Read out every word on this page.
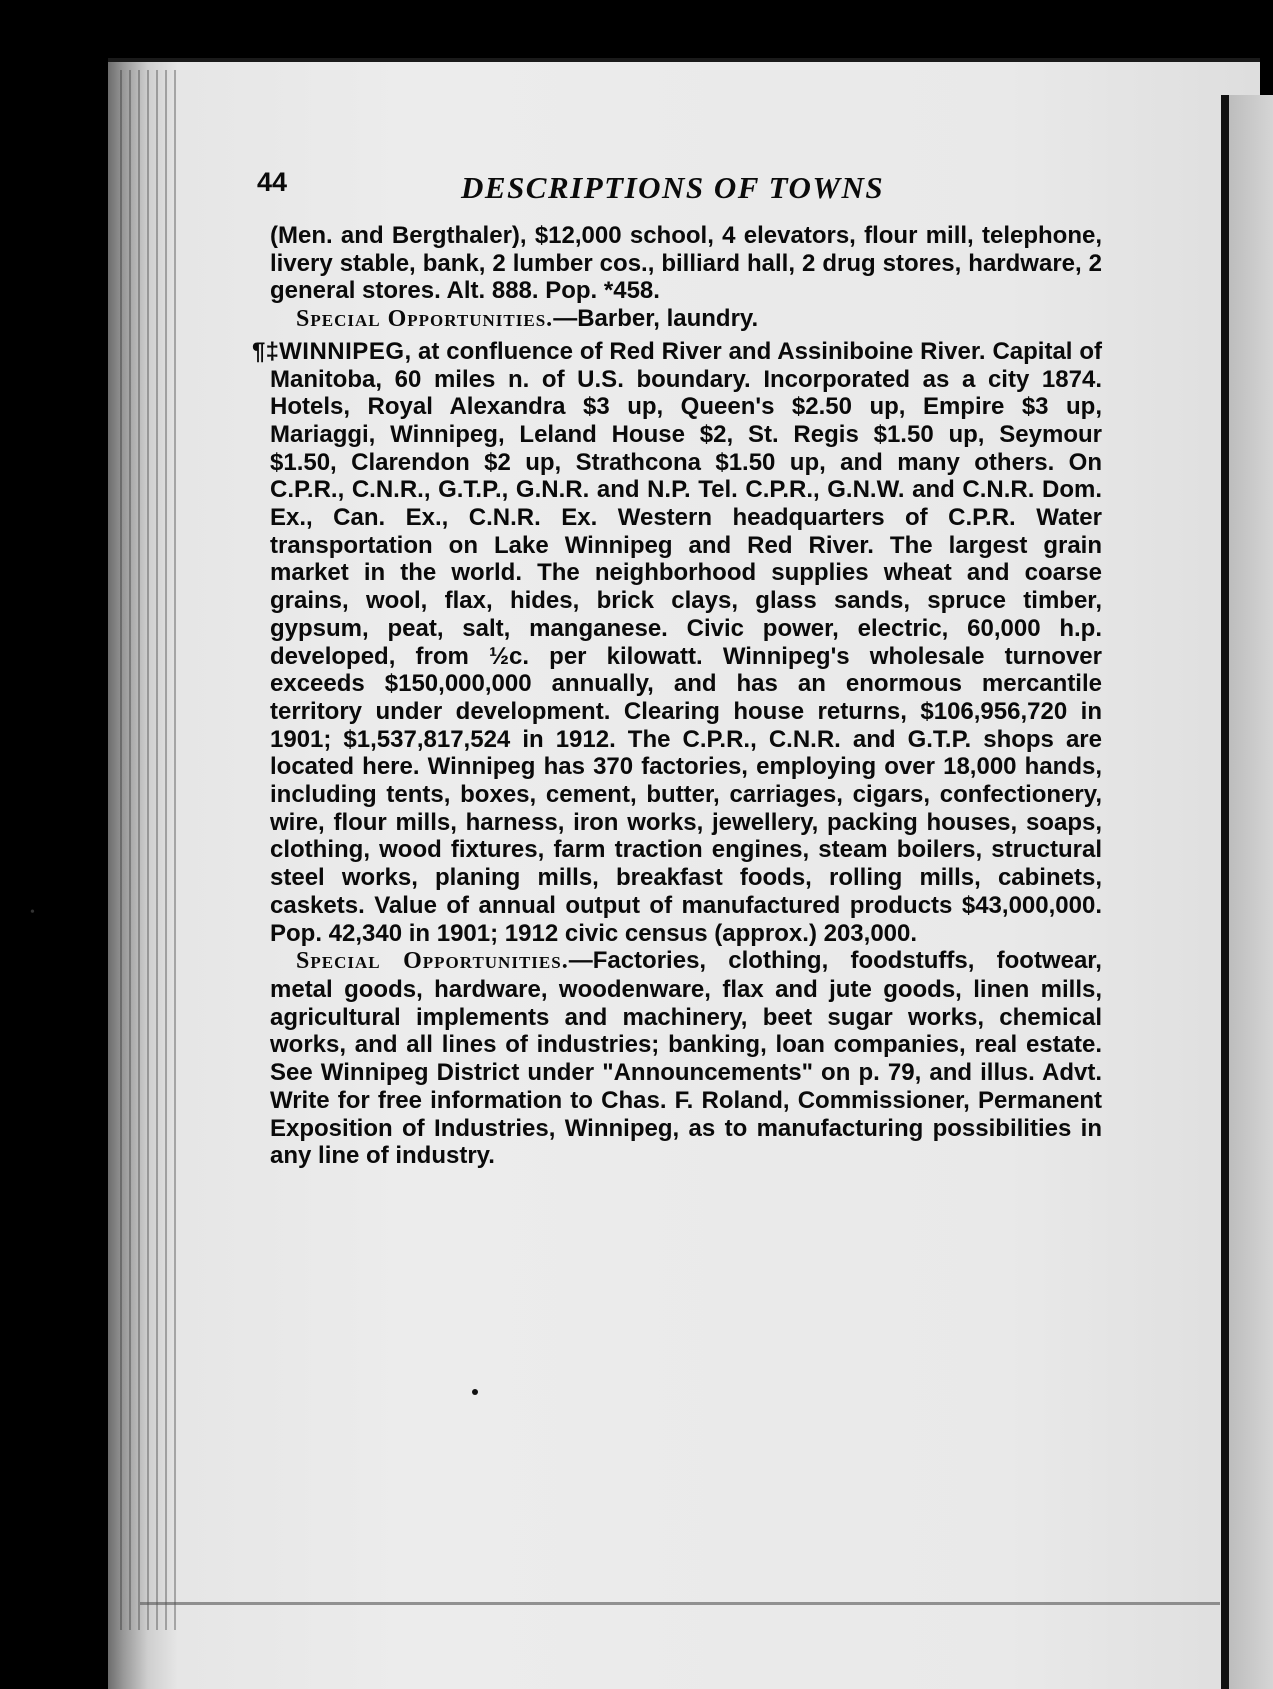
•
44	DESCRIPTIONS OF TOWNS

(Men. and Bergthaler), $12,000 school, 4 elevators, flour mill, telephone, livery stable, bank, 2 lumber cos., billiard hall, 2 drug stores, hardware, 2 general stores. Alt. 888. Pop. *458.

Special Opportunities.—Barber, laundry.

¶‡WINNIPEG, at confluence of Red River and Assiniboine River. Capital of Manitoba, 60 miles n. of U.S. boundary. Incorporated as a city 1874. Hotels, Royal Alexandra $3 up, Queen's $2.50 up, Empire $3 up, Mariaggi, Winnipeg, Leland House $2, St. Regis $1.50 up, Seymour $1.50, Clarendon $2 up, Strathcona $1.50 up, and many others. On C.P.R., C.N.R., G.T.P., G.N.R. and N.P. Tel. C.P.R., G.N.W. and C.N.R. Dom. Ex., Can. Ex., C.N.R. Ex. Western headquarters of C.P.R. Water transportation on Lake Winnipeg and Red River. The largest grain market in the world. The neighborhood supplies wheat and coarse grains, wool, flax, hides, brick clays, glass sands, spruce timber, gypsum, peat, salt, manganese. Civic power, electric, 60,000 h.p. developed, from ½c. per kilowatt. Winnipeg's wholesale turnover exceeds $150,000,000 annually, and has an enormous mercantile territory under development. Clearing house returns, $106,956,720 in 1901; $1,537,817,524 in 1912. The C.P.R., C.N.R. and G.T.P. shops are located here. Winnipeg has 370 factories, employing over 18,000 hands, including tents, boxes, cement, butter, carriages, cigars, confectionery, wire, flour mills, harness, iron works, jewellery, packing houses, soaps, clothing, wood fixtures, farm traction engines, steam boilers, structural steel works, planing mills, breakfast foods, rolling mills, cabinets, caskets. Value of annual output of manufactured products $43,000,000. Pop. 42,340 in 1901; 1912 civic census (approx.) 203,000.

Special Opportunities.—Factories, clothing, foodstuffs, footwear, metal goods, hardware, woodenware, flax and jute goods, linen mills, agricultural implements and machinery, beet sugar works, chemical works, and all lines of industries; banking, loan companies, real estate. See Winnipeg District under "Announcements" on p. 79, and illus. Advt. Write for free information to Chas. F. Roland, Commissioner, Permanent Exposition of Industries, Winnipeg, as to manufacturing possibilities in any line of industry.
